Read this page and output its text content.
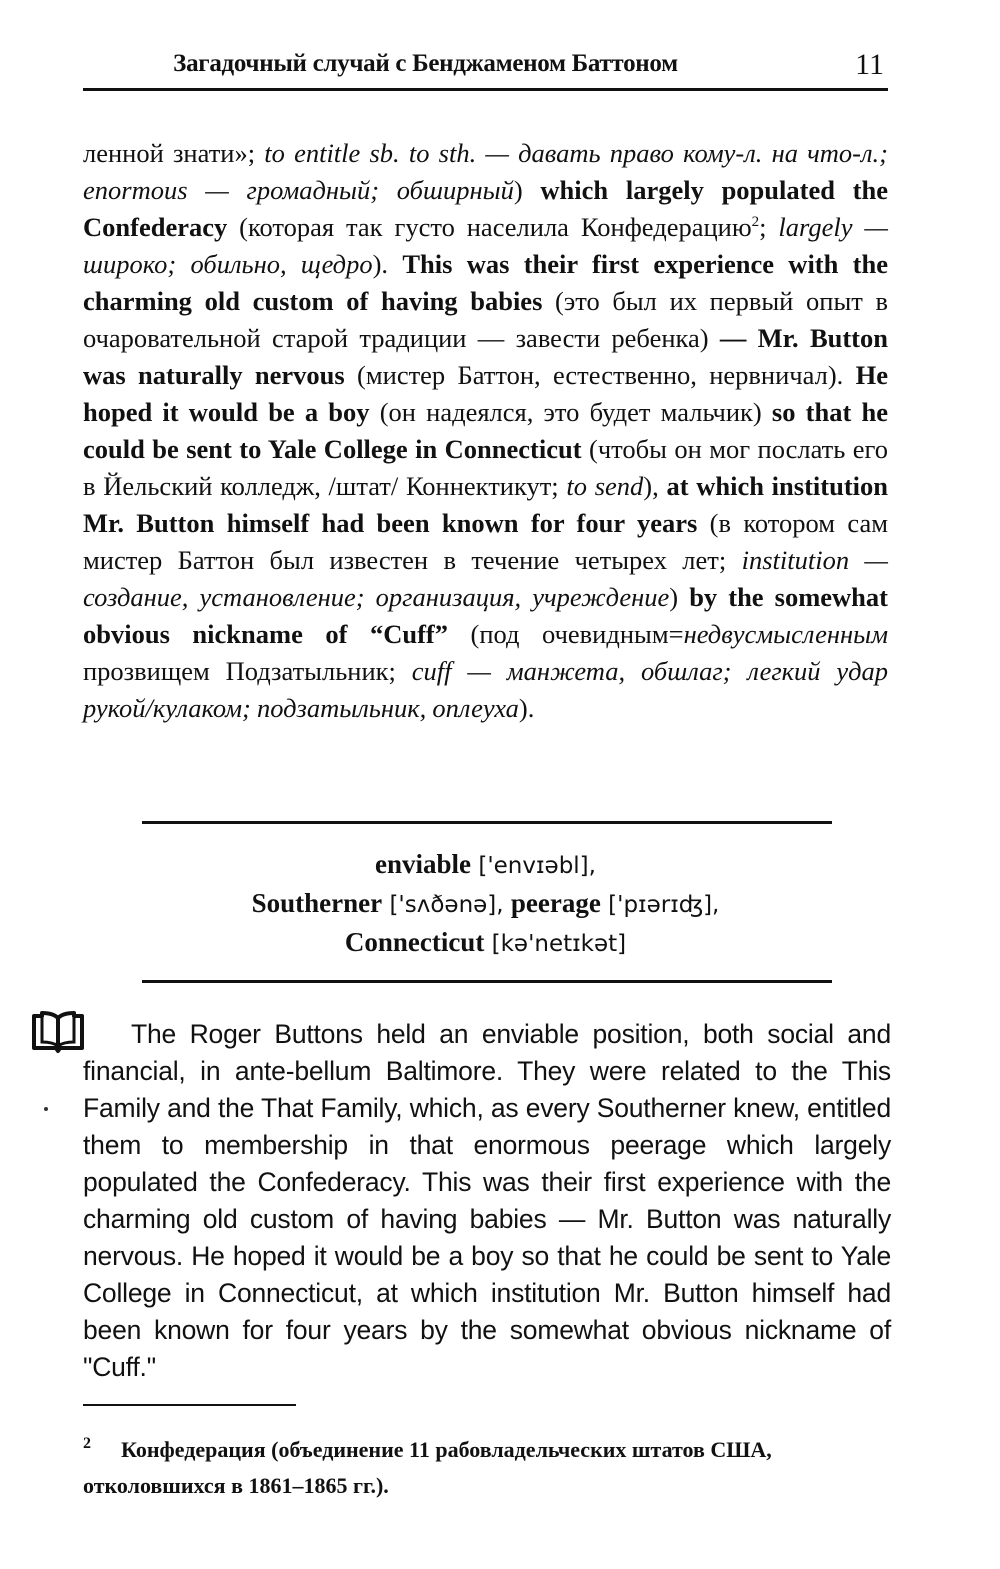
Загадочный случай с Бенджаменом Баттоном	11
ленной знати»; to entitle sb. to sth. — давать право кому-л. на что-л.; enormous — громадный; обширный) which largely populated the Confederacy (которая так густо населила Конфедерацию$^2$; largely — широко; обильно, щедро). This was their first experience with the charming old custom of having babies (это был их первый опыт в очаровательной старой традиции — завести ребенка) — Mr. Button was naturally nervous (мистер Баттон, естественно, нервничал). He hoped it would be a boy (он надеялся, это будет мальчик) so that he could be sent to Yale College in Connecticut (чтобы он мог послать его в Йельский колледж, /штат/ Коннектикут; to send), at which institution Mr. Button himself had been known for four years (в котором сам мистер Баттон был известен в течение четырех лет; institution — создание, установление; организация, учреждение) by the somewhat obvious nickname of “Cuff” (под очевидным=недвусмысленным прозвищем Подзатыльник; cuff — манжета, обшлаг; легкий удар рукой/кулаком; подзатыльник, оплеуха).
enviable ['envɪəbl],
Southerner ['sʌðənə], peerage ['pɪərɪʤ],
Connecticut [kə'netɪkət]
The Roger Buttons held an enviable position, both social and financial, in ante-bellum Baltimore. They were related to the This Family and the That Family, which, as every Southerner knew, entitled them to membership in that enormous peerage which largely populated the Confederacy. This was their first experience with the charming old custom of having babies — Mr. Button was naturally nervous. He hoped it would be a boy so that he could be sent to Yale College in Connecticut, at which institution Mr. Button himself had been known for four years by the somewhat obvious nickname of "Cuff."
2 Конфедерация (объединение 11 рабовладельческих штатов США,
отколовшихся в 1861–1865 гг.).
